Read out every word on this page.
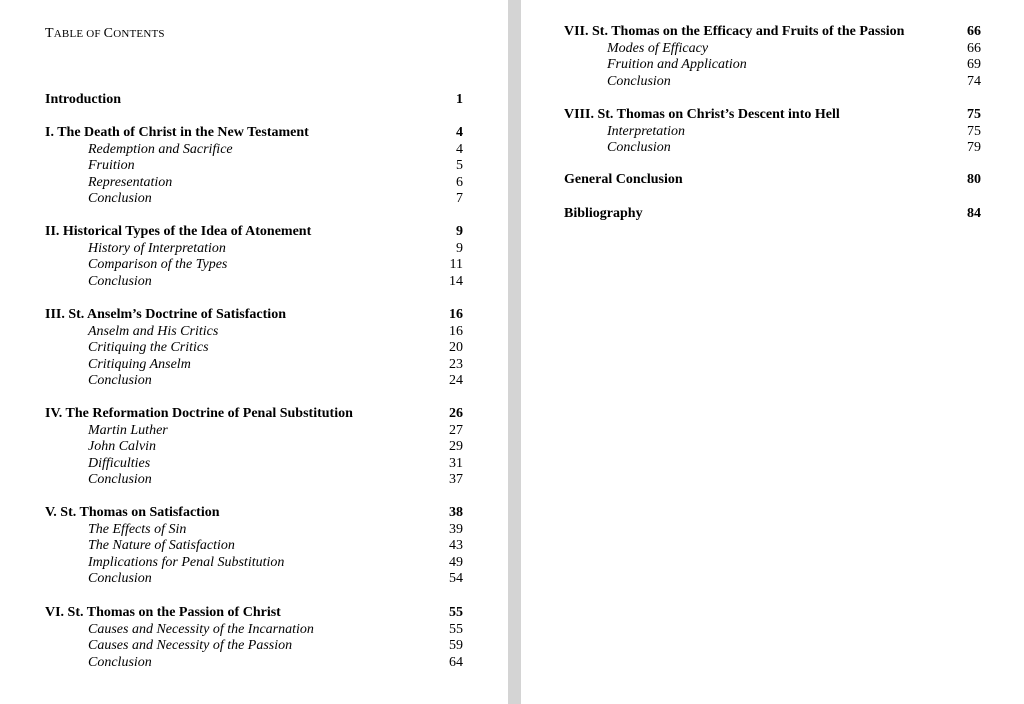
TABLE OF CONTENTS
Introduction	1
I. The Death of Christ in the New Testament	4
Redemption and Sacrifice	4
Fruition	5
Representation	6
Conclusion	7
II. Historical Types of the Idea of Atonement	9
History of Interpretation	9
Comparison of the Types	11
Conclusion	14
III. St. Anselm’s Doctrine of Satisfaction	16
Anselm and His Critics	16
Critiquing the Critics	20
Critiquing Anselm	23
Conclusion	24
IV. The Reformation Doctrine of Penal Substitution	26
Martin Luther	27
John Calvin	29
Difficulties	31
Conclusion	37
V. St. Thomas on Satisfaction	38
The Effects of Sin	39
The Nature of Satisfaction	43
Implications for Penal Substitution	49
Conclusion	54
VI. St. Thomas on the Passion of Christ	55
Causes and Necessity of the Incarnation	55
Causes and Necessity of the Passion	59
Conclusion	64
VII. St. Thomas on the Efficacy and Fruits of the Passion	66
Modes of Efficacy	66
Fruition and Application	69
Conclusion	74
VIII. St. Thomas on Christ’s Descent into Hell	75
Interpretation	75
Conclusion	79
General Conclusion	80
Bibliography	84
